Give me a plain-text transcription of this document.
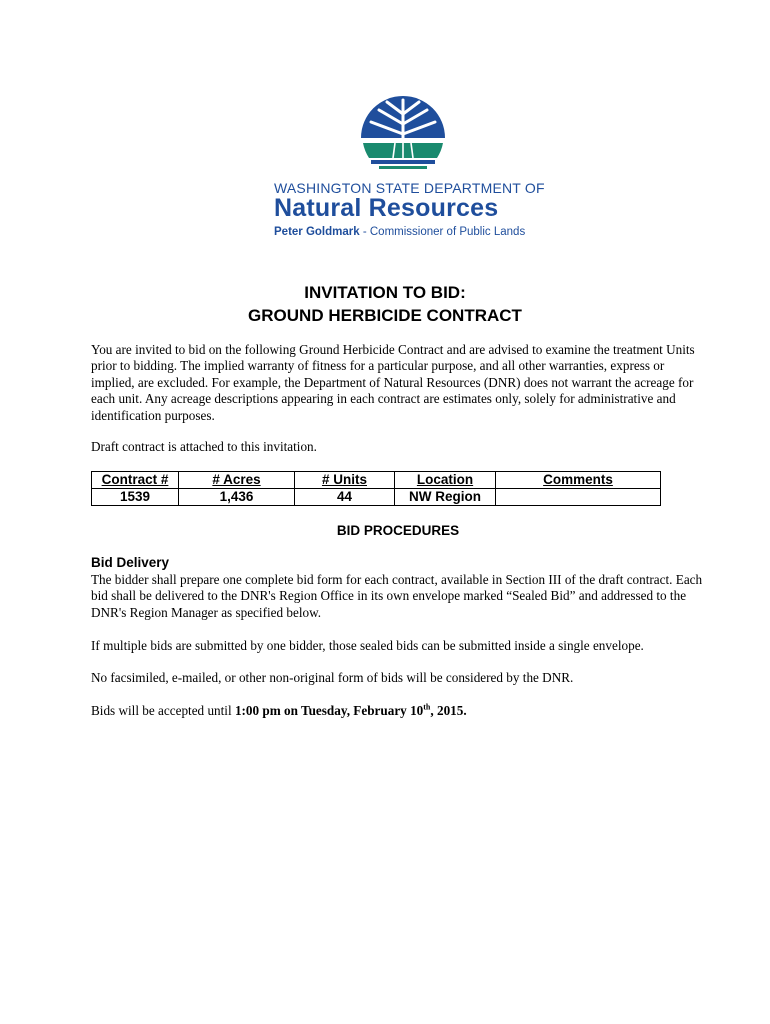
WASHINGTON STATE DEPARTMENT OF
Natural Resources
Peter Goldmark - Commissioner of Public Lands
INVITATION TO BID:
GROUND HERBICIDE CONTRACT
You are invited to bid on the following Ground Herbicide Contract and are advised to examine the treatment Units prior to bidding. The implied warranty of fitness for a particular purpose, and all other warranties, express or implied, are excluded. For example, the Department of Natural Resources (DNR) does not warrant the acreage for each unit. Any acreage descriptions appearing in each contract are estimates only, solely for administrative and identification purposes.
Draft contract is attached to this invitation.
Contract #	# Acres	# Units	Location	Comments
1539	1,436	44	NW Region	
BID PROCEDURES
Bid Delivery
The bidder shall prepare one complete bid form for each contract, available in Section III of the draft contract. Each bid shall be delivered to the DNR's Region Office in its own envelope marked “Sealed Bid” and addressed to the DNR's Region Manager as specified below.
If multiple bids are submitted by one bidder, those sealed bids can be submitted inside a single envelope.
No facsimiled, e-mailed, or other non-original form of bids will be considered by the DNR.
Bids will be accepted until 1:00 pm on Tuesday, February 10th, 2015.
